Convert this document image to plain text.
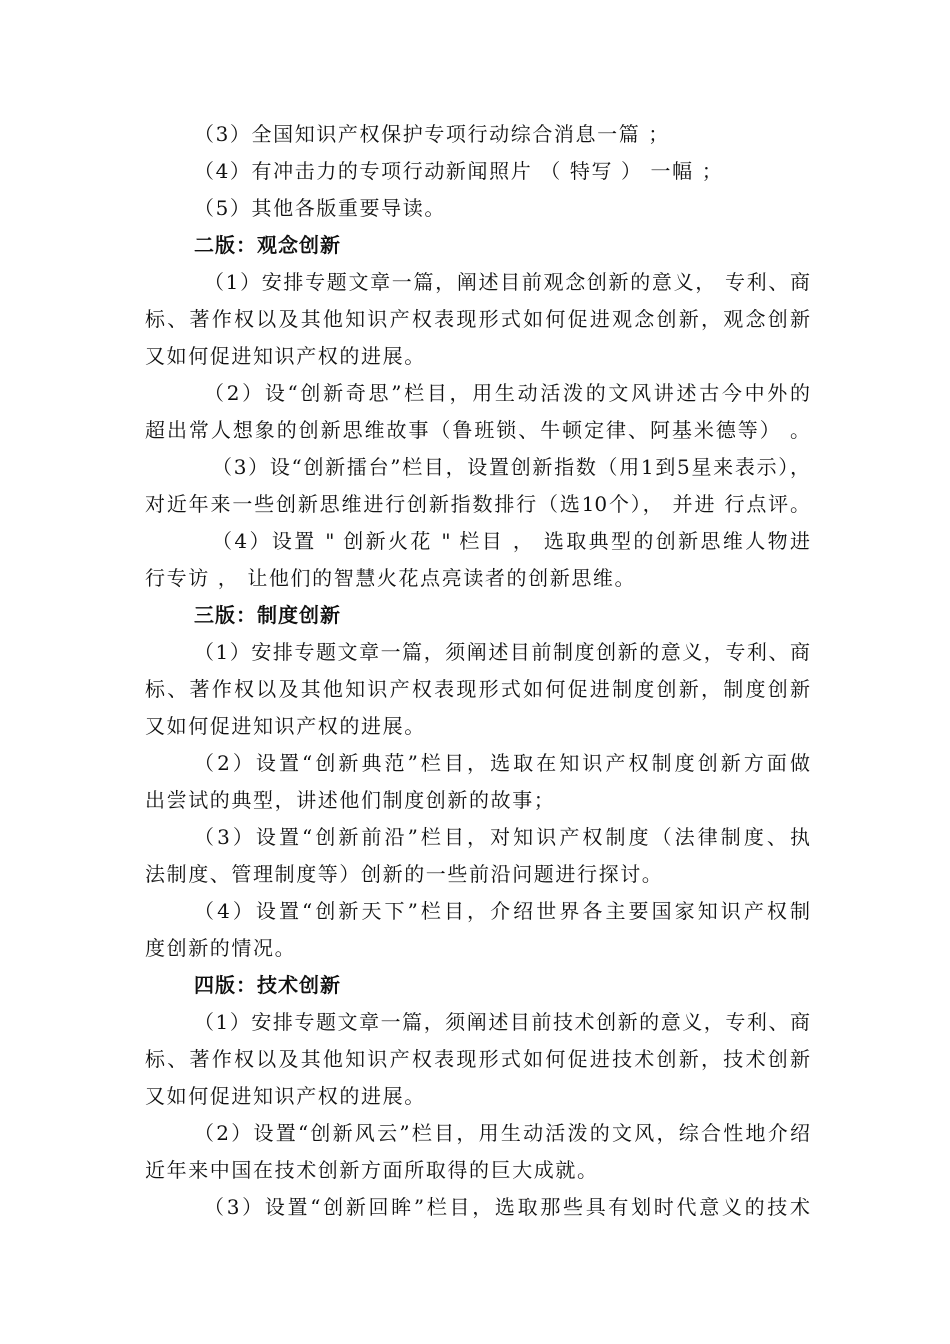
（3）全国知识产权保护专项行动综合消息一篇 ；
（4）有冲击力的专项行动新闻照片 （ 特写 ） 一幅 ；
（5）其他各版重要导读。
二版：观念创新
（1）安排专题文章一篇，阐述目前观念创新的意义， 专利、商
标、著作权以及其他知识产权表现形式如何促进观念创新，观念创新
又如何促进知识产权的进展。
（2）设“创新奇思”栏目，用生动活泼的文风讲述古今中外的
超出常人想象的创新思维故事（鲁班锁、牛顿定律、阿基米德等） 。
（3）设“创新擂台”栏目，设置创新指数（用1到5星来表示），
对近年来一些创新思维进行创新指数排行（选10个）， 并进 行点评。
（4）设置 " 创新火花 " 栏目 ， 选取典型的创新思维人物进
行专访 ， 让他们的智慧火花点亮读者的创新思维。
三版：制度创新
（1）安排专题文章一篇，须阐述目前制度创新的意义，专利、商
标、著作权以及其他知识产权表现形式如何促进制度创新，制度创新
又如何促进知识产权的进展。
（2）设置“创新典范”栏目，选取在知识产权制度创新方面做
出尝试的典型，讲述他们制度创新的故事；
（3）设置“创新前沿”栏目，对知识产权制度（法律制度、执
法制度、管理制度等）创新的一些前沿问题进行探讨。
（4）设置“创新天下”栏目，介绍世界各主要国家知识产权制
度创新的情况。
四版：技术创新
（1）安排专题文章一篇，须阐述目前技术创新的意义，专利、商
标、著作权以及其他知识产权表现形式如何促进技术创新，技术创新
又如何促进知识产权的进展。
（2）设置“创新风云”栏目，用生动活泼的文风，综合性地介绍
近年来中国在技术创新方面所取得的巨大成就。
（3）设置“创新回眸”栏目，选取那些具有划时代意义的技术
